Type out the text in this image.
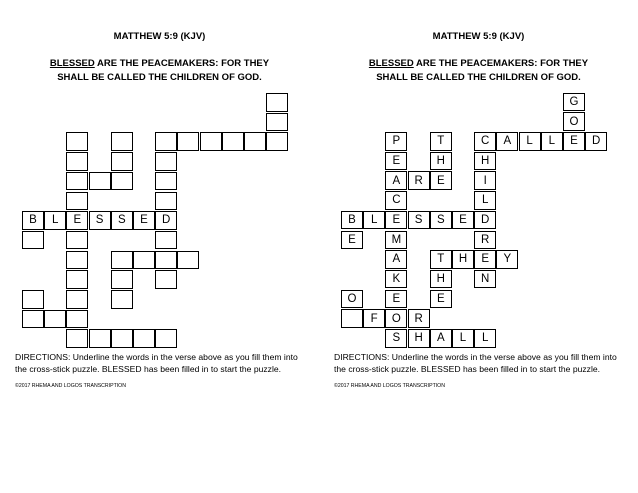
MATTHEW 5:9 (KJV)
BLESSED ARE THE PEACEMAKERS: FOR THEY
SHALL BE CALLED THE CHILDREN OF GOD.
B	L	E	S	S	E	D
DIRECTIONS: Underline the words in the verse above as you fill them into
the cross-stick puzzle. BLESSED has been filled in to start the puzzle.
©2017 RHEMA AND LOGOS TRANSCRIPTION
MATTHEW 5:9 (KJV)
BLESSED ARE THE PEACEMAKERS: FOR THEY
SHALL BE CALLED THE CHILDREN OF GOD.
G
O
P	T	C	A	L	L	E	D
E	H	H
A	R	E	I
C	L
B	L	E	S	S	E	D
E	M	R
A	T	H	E	Y
K	H	N
O	E	E
F	O	R
S	H	A	L	L
DIRECTIONS: Underline the words in the verse above as you fill them into
the cross-stick puzzle. BLESSED has been filled in to start the puzzle.
©2017 RHEMA AND LOGOS TRANSCRIPTION
